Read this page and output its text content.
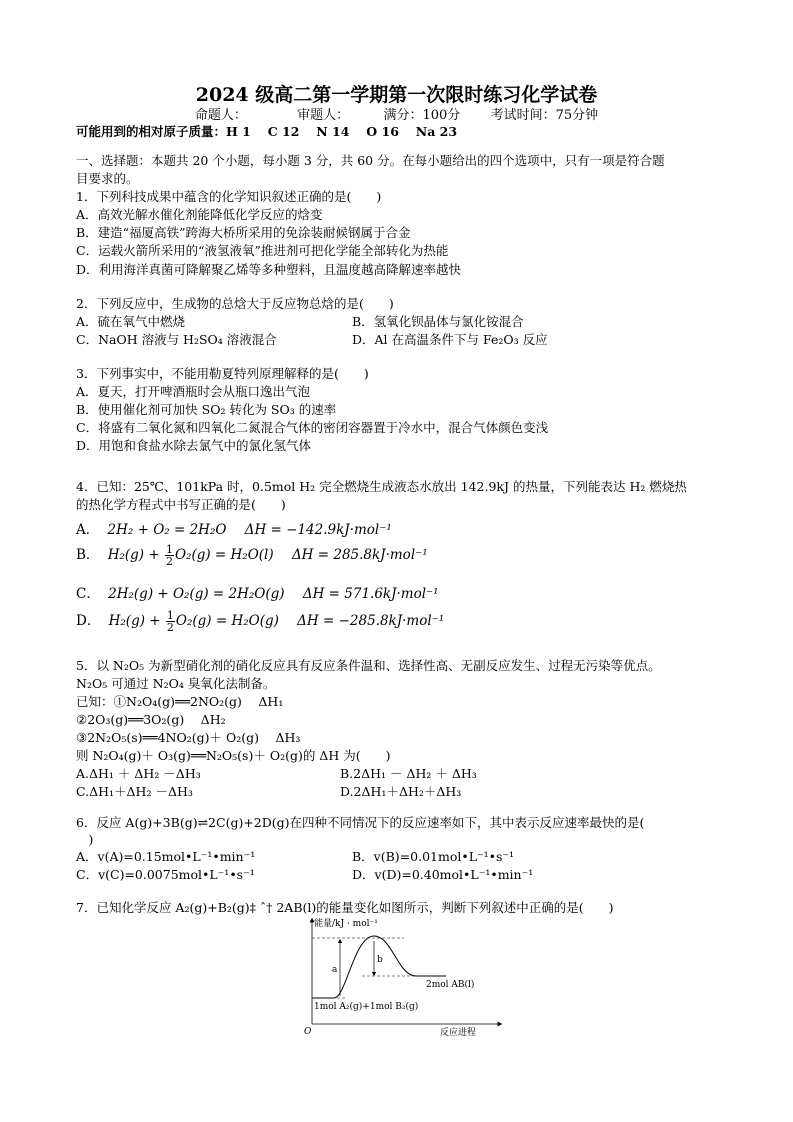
2024 级高二第一学期第一次限时练习化学试卷
命题人：	审题人：	满分：100分 考试时间：75分钟
可能用到的相对原子质量：H 1　 C 12　 N 14　 O 16　 Na 23
一、选择题：本题共 20 个小题，每小题 3 分，共 60 分。在每小题给出的四个选项中，只有一项是符合题
目要求的。
1．下列科技成果中蕴含的化学知识叙述正确的是(　　)
A．高效光解水催化剂能降低化学反应的焓变
B．建造“福厦高铁”跨海大桥所采用的免涂装耐候钢属于合金
C．运载火箭所采用的“液氢液氧”推进剂可把化学能全部转化为热能
D．利用海洋真菌可降解聚乙烯等多种塑料，且温度越高降解速率越快
2．下列反应中，生成物的总焓大于反应物总焓的是(　　)
A．硫在氧气中燃烧	B．氢氧化钡晶体与氯化铵混合
C．NaOH 溶液与 H₂SO₄ 溶液混合	D．Al 在高温条件下与 Fe₂O₃ 反应
3．下列事实中，不能用勒夏特列原理解释的是(　　)
A．夏天，打开啤酒瓶时会从瓶口逸出气泡
B．使用催化剂可加快 SO₂ 转化为 SO₃ 的速率
C．将盛有二氧化氮和四氧化二氮混合气体的密闭容器置于冷水中，混合气体颜色变浅
D．用饱和食盐水除去氯气中的氯化氢气体
4．已知：25℃、101kPa 时，0.5mol H₂ 完全燃烧生成液态水放出 142.9kJ 的热量，下列能表达 H₂ 燃烧热
的热化学方程式中书写正确的是(　　)
A． 2H₂ + O₂ = 2H₂O ΔH = −142.9kJ·mol⁻¹
B． $H_2(g) + \frac{1}{2} O_2(g) = H_2O(l) \Delta H = 285.8kJ\cdot mol^{-1}$
C． 2H₂(g) + O₂(g) = 2H₂O(g) ΔH = 571.6kJ·mol⁻¹
D． $H_2(g) + \frac{1}{2} O_2(g) = H_2O(g) \Delta H = -285.8kJ\cdot mol^{-1}$
5．以 N₂O₅ 为新型硝化剂的硝化反应具有反应条件温和、选择性高、无副反应发生、过程无污染等优点。
N₂O₅ 可通过 N₂O₄ 臭氧化法制备。
已知：①N₂O₄(g)══2NO₂(g)　 ΔH₁
②2O₃(g)══3O₂(g)　 ΔH₂
③2N₂O₅(s)══4NO₂(g)＋ O₂(g)　 ΔH₃
则 N₂O₄(g)＋ O₃(g)══N₂O₅(s)＋ O₂(g)的 ΔH 为(　　)
A.ΔH₁ ＋ ΔH₂ －ΔH₃	B.2ΔH₁ － ΔH₂ ＋ ΔH₃
C.ΔH₁＋ΔH₂ －ΔH₃	D.2ΔH₁＋ΔH₂＋ΔH₃
6．反应 A(g)+3B(g)⇌2C(g)+2D(g)在四种不同情况下的反应速率如下，其中表示反应速率最快的是(
　)
A．v(A)=0.15mol•L⁻¹•min⁻¹	B．v(B)=0.01mol•L⁻¹•s⁻¹
C．v(C)=0.0075mol•L⁻¹•s⁻¹	D．v(D)=0.40mol•L⁻¹•min⁻¹
7．已知化学反应 A₂(g)+B₂(g)‡ ˆ† 2AB(l)的能量变化如图所示，判断下列叙述中正确的是(　　)
能量/kJ · mol⁻¹
反应进程
O
a
b
2mol AB(l)
1mol A₂(g)+1mol B₂(g)
